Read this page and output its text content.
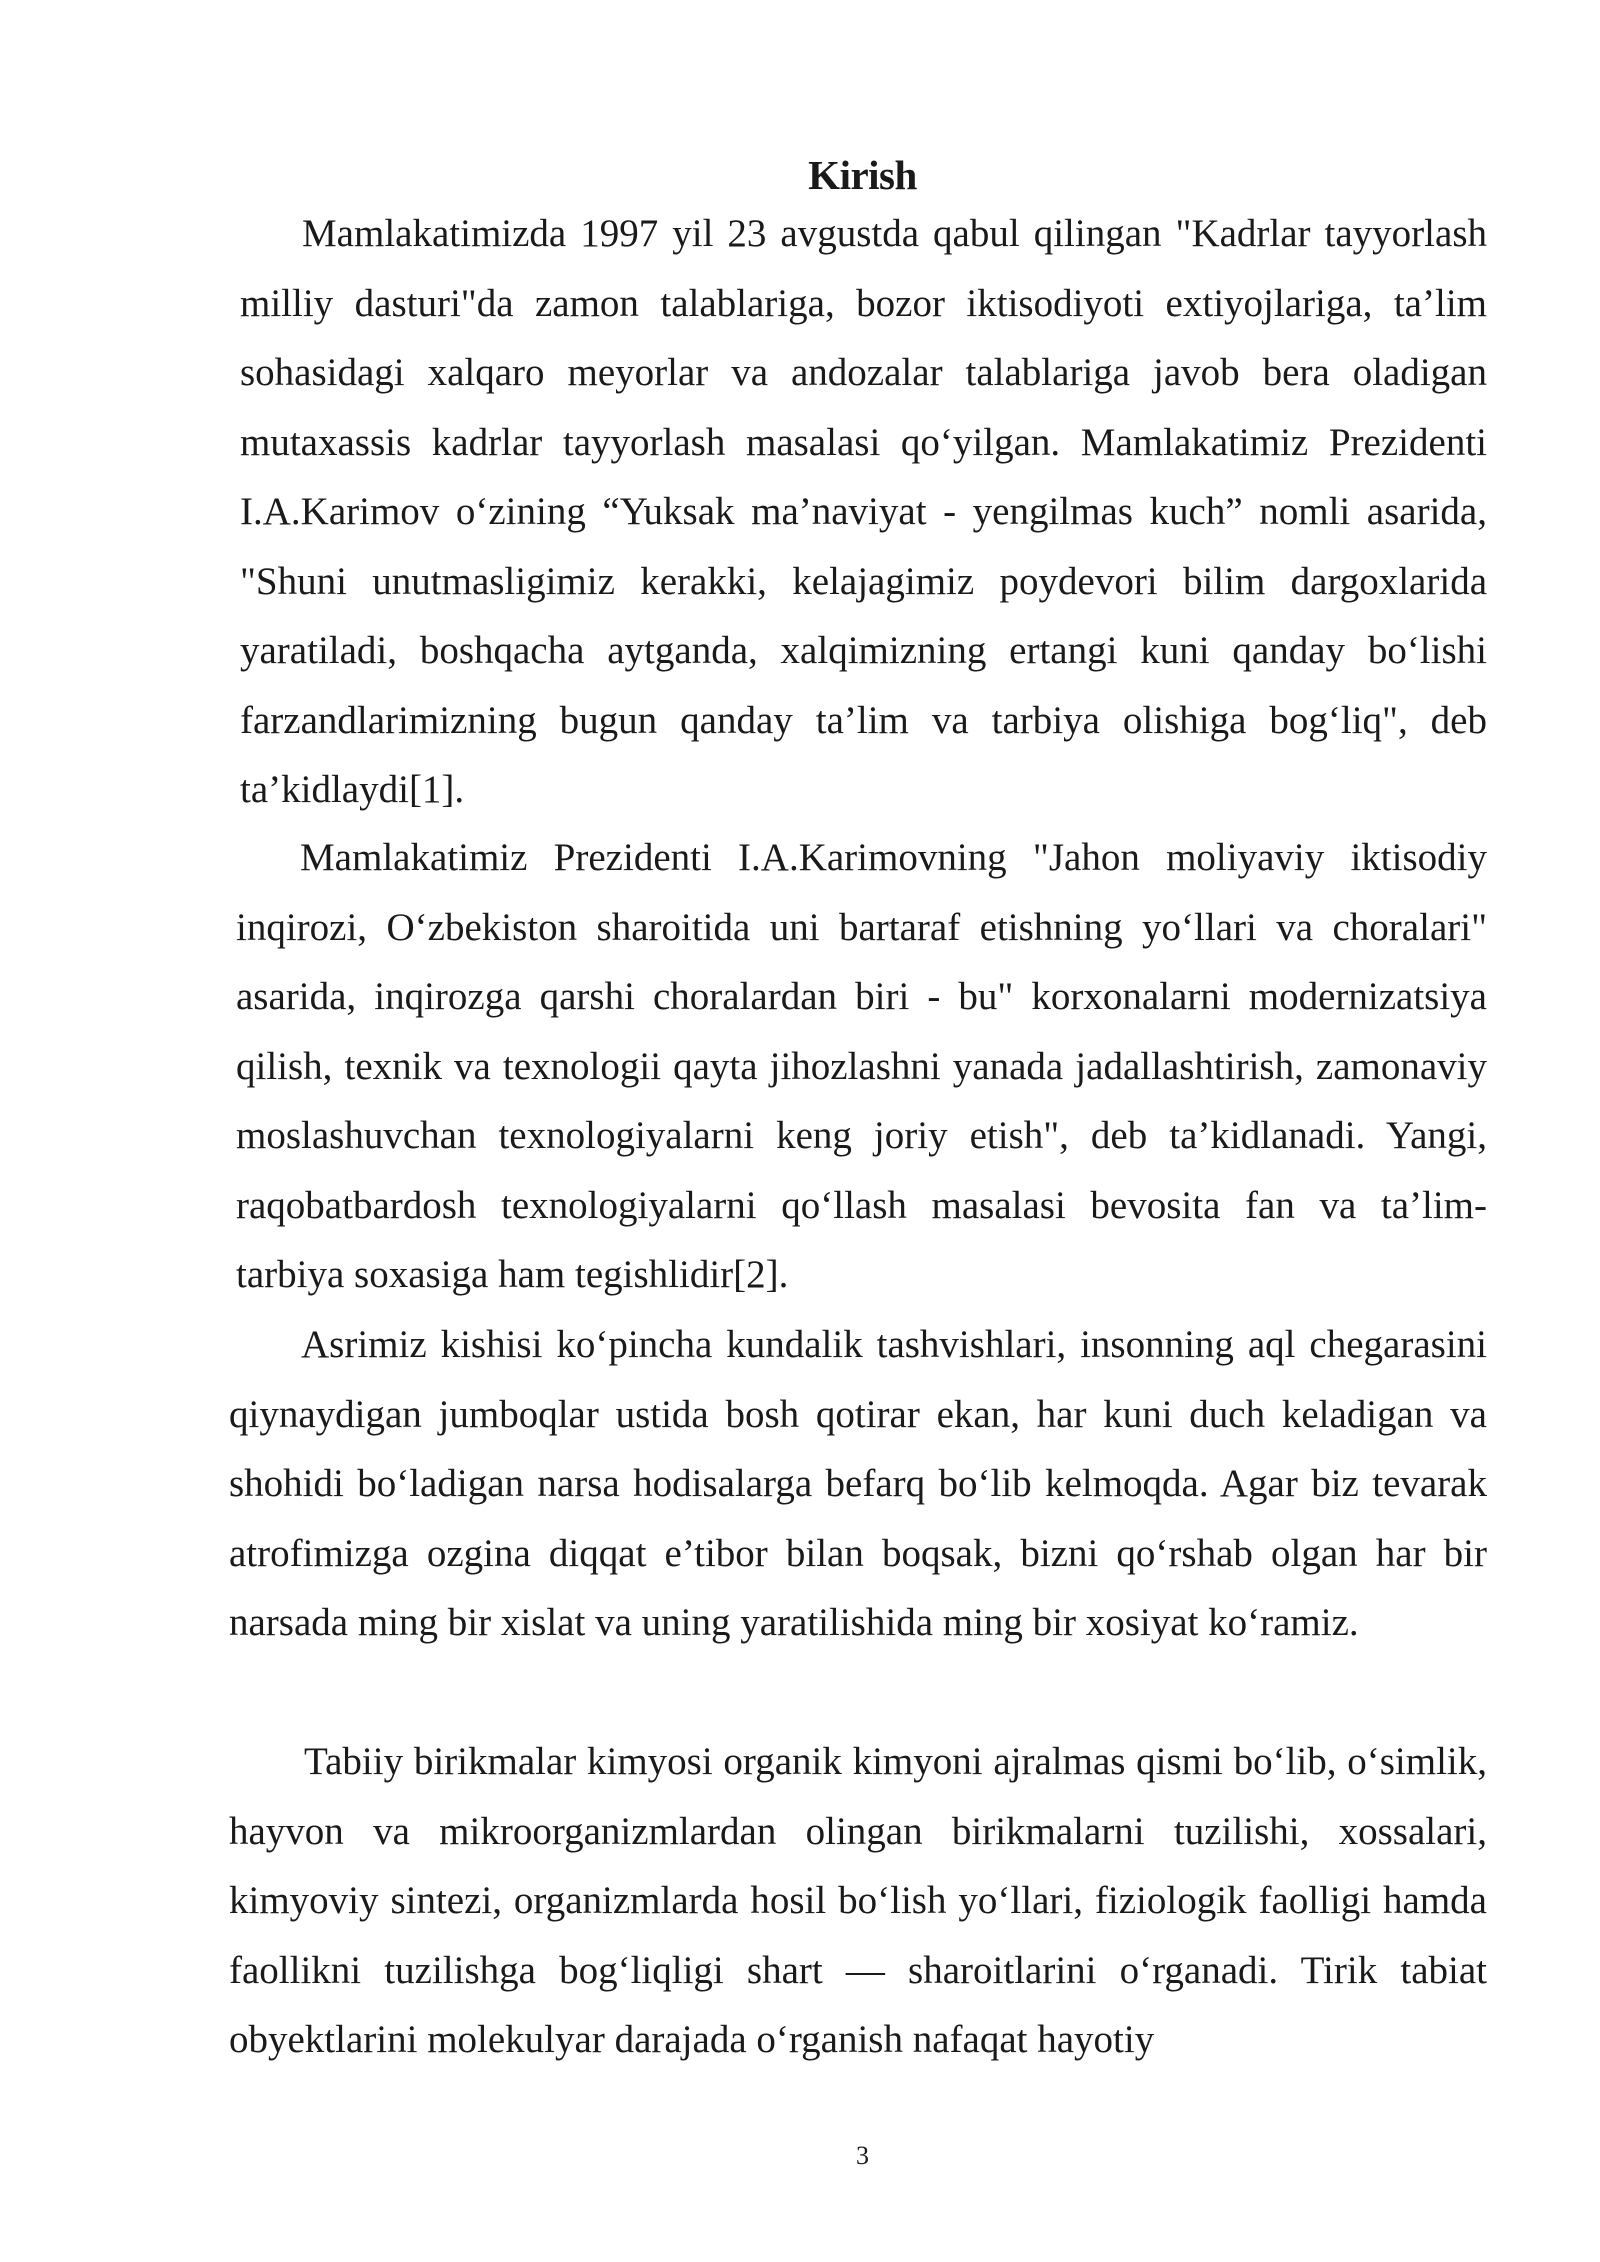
Kirish

Mamlakatimizda 1997 yil 23 avgustda qabul qilingan "Kadrlar tayyorlash milliy dasturi"da zamon talablariga, bozor iktisodiyoti extiyojlariga, ta’lim sohasidagi xalqaro meyorlar va andozalar talablariga javob bera oladigan mutaxassis kadrlar tayyorlash masalasi qo‘yilgan. Mamlakatimiz Prezidenti I.A.Karimov o‘zining “Yuksak ma’naviyat - yengilmas kuch” nomli asarida, "Shuni unutmasligimiz kerakki, kelajagimiz poydevori bilim dargoxlarida yaratiladi, boshqacha aytganda, xalqimizning ertangi kuni qanday bo‘lishi farzandlarimizning bugun qanday ta’lim va tarbiya olishiga bog‘liq", deb ta’kidlaydi[1].

Mamlakatimiz Prezidenti I.A.Karimovning "Jahon moliyaviy iktisodiy inqirozi, O‘zbekiston sharoitida uni bartaraf etishning yo‘llari va choralari" asarida, inqirozga qarshi choralardan biri - bu" korxonalarni modernizatsiya qilish, texnik va texnologii qayta jihozlashni yanada jadallashtirish, zamonaviy moslashuvchan texnologiyalarni keng joriy etish", deb ta’kidlanadi. Yangi, raqobatbardosh texnologiyalarni qo‘llash masalasi bevosita fan va ta’lim-tarbiya soxasiga ham tegishlidir[2].

Asrimiz kishisi ko‘pincha kundalik tashvishlari, insonning aql chegarasini qiynaydigan jumboqlar ustida bosh qotirar ekan, har kuni duch keladigan va shohidi bo‘ladigan narsa hodisalarga befarq bo‘lib kelmoqda. Agar biz tevarak atrofimizga ozgina diqqat e’tibor bilan boqsak, bizni qo‘rshab olgan har bir narsada ming bir xislat va uning yaratilishida ming bir xosiyat ko‘ramiz.

Tabiiy birikmalar kimyosi organik kimyoni ajralmas qismi bo‘lib, o‘simlik, hayvon va mikroorganizmlardan olingan birikmalarni tuzilishi, xossalari, kimyoviy sintezi, organizmlarda hosil bo‘lish yo‘llari, fiziologik faolligi hamda faollikni tuzilishga bog‘liqligi shart — sharoitlarini o‘rganadi. Tirik tabiat obyektlarini molekulyar darajada o‘rganish nafaqat hayotiy

3
